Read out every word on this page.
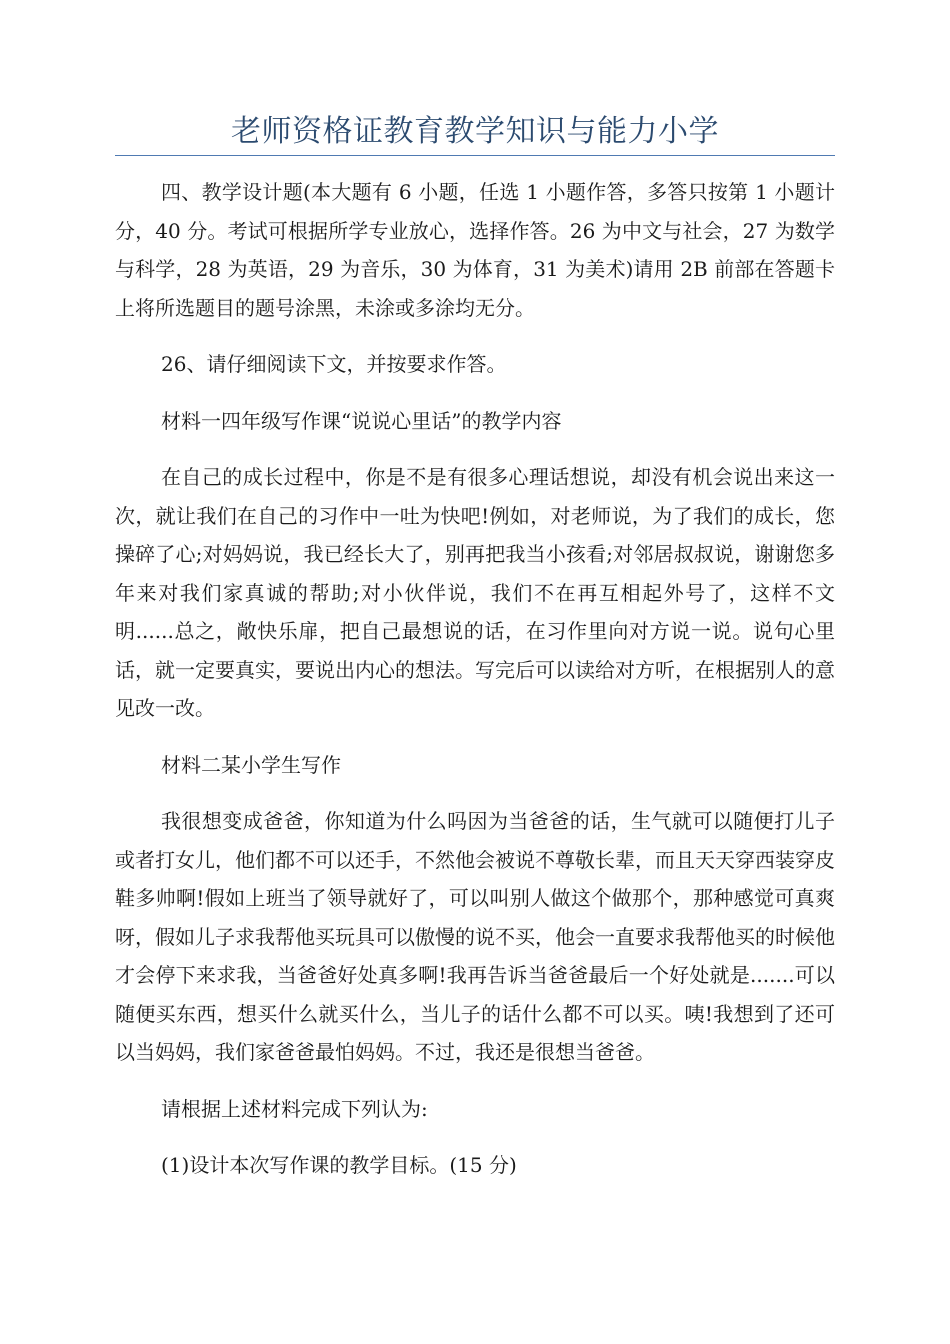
老师资格证教育教学知识与能力小学

四、教学设计题(本大题有 6 小题，任选 1 小题作答，多答只按第 1 小题计分，40 分。考试可根据所学专业放心，选择作答。26 为中文与社会，27 为数学与科学，28 为英语，29 为音乐，30 为体育，31 为美术)请用 2B 前部在答题卡上将所选题目的题号涂黑，未涂或多涂均无分。

26、请仔细阅读下文，并按要求作答。

材料一四年级写作课“说说心里话”的教学内容

在自己的成长过程中，你是不是有很多心理话想说，却没有机会说出来这一次，就让我们在自己的习作中一吐为快吧!例如，对老师说，为了我们的成长，您操碎了心;对妈妈说，我已经长大了，别再把我当小孩看;对邻居叔叔说，谢谢您多年来对我们家真诚的帮助;对小伙伴说，我们不在再互相起外号了，这样不文明......总之，敞快乐扉，把自己最想说的话，在习作里向对方说一说。说句心里话，就一定要真实，要说出内心的想法。写完后可以读给对方听，在根据别人的意见改一改。

材料二某小学生写作

我很想变成爸爸，你知道为什么吗因为当爸爸的话，生气就可以随便打儿子或者打女儿，他们都不可以还手，不然他会被说不尊敬长辈，而且天天穿西装穿皮鞋多帅啊!假如上班当了领导就好了，可以叫别人做这个做那个，那种感觉可真爽呀，假如儿子求我帮他买玩具可以傲慢的说不买，他会一直要求我帮他买的时候他才会停下来求我，当爸爸好处真多啊!我再告诉当爸爸最后一个好处就是.......可以随便买东西，想买什么就买什么，当儿子的话什么都不可以买。咦!我想到了还可以当妈妈，我们家爸爸最怕妈妈。不过，我还是很想当爸爸。

请根据上述材料完成下列认为:

(1)设计本次写作课的教学目标。(15 分)
